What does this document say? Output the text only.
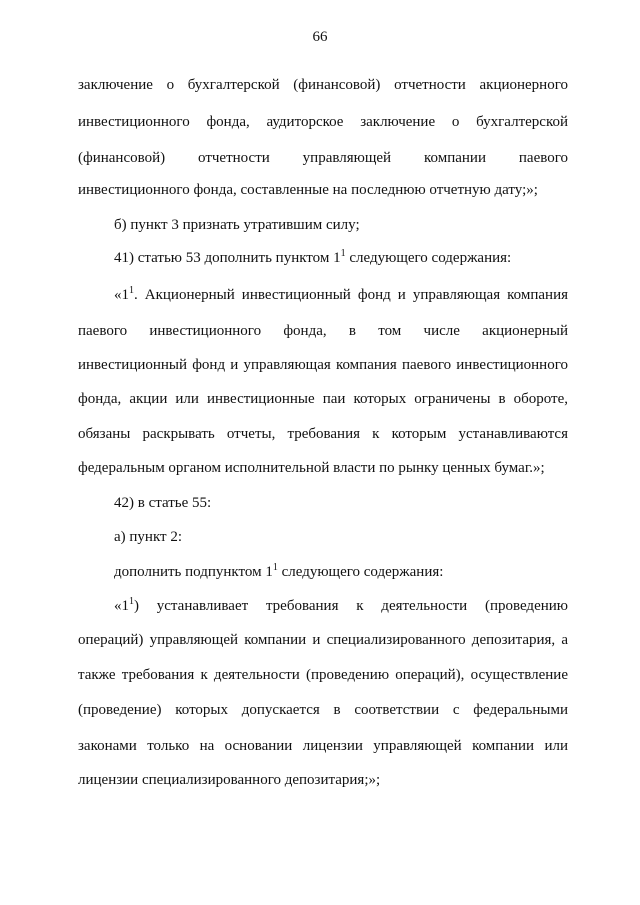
66
заключение о бухгалтерской (финансовой) отчетности акционерного
инвестиционного фонда, аудиторское заключение о бухгалтерской
(финансовой) отчетности управляющей компании паевого
инвестиционного фонда, составленные на последнюю отчетную дату;»;
б) пункт 3 признать утратившим силу;
41) статью 53 дополнить пунктом $1^1$ следующего содержания:
«$1^1$. Акционерный инвестиционный фонд и управляющая компания
паевого инвестиционного фонда, в том числе акционерный
инвестиционный фонд и управляющая компания паевого инвестиционного
фонда, акции или инвестиционные паи которых ограничены в обороте,
обязаны раскрывать отчеты, требования к которым устанавливаются
федеральным органом исполнительной власти по рынку ценных бумаг.»;
42) в статье 55:
а) пункт 2:
дополнить подпунктом $1^1$ следующего содержания:
«$1^1$) устанавливает требования к деятельности (проведению
операций) управляющей компании и специализированного депозитария, а
также требования к деятельности (проведению операций), осуществление
(проведение) которых допускается в соответствии с федеральными
законами только на основании лицензии управляющей компании или
лицензии специализированного депозитария;»;
